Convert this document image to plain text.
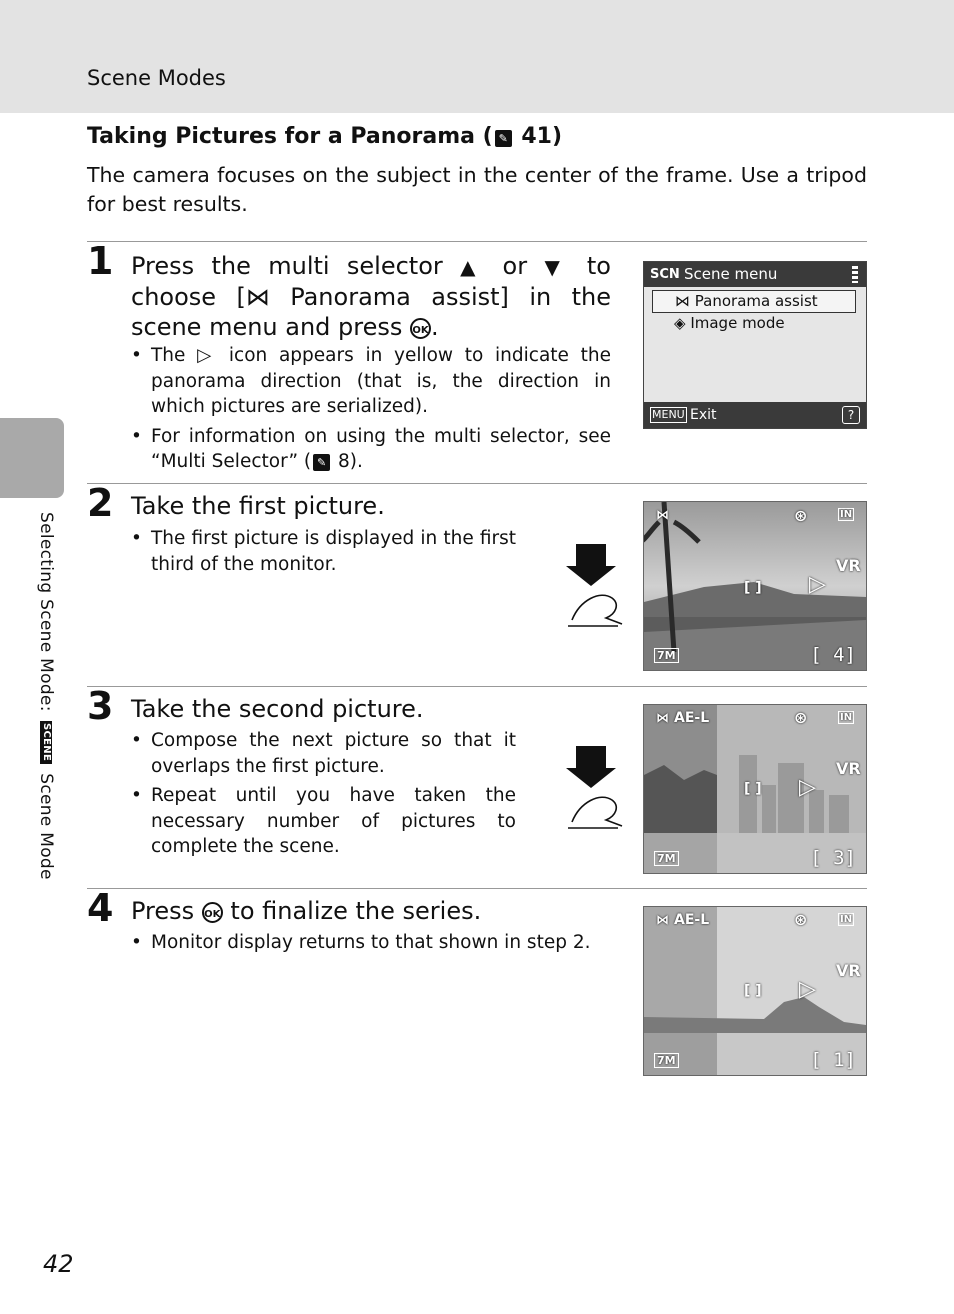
Scene Modes
Selecting Scene Mode: SCENE Scene Mode
Taking Pictures for a Panorama ( ✎ 41)
The camera focuses on the subject in the center of the frame. Use a tripod for best results.
1 Press the multi selector ▲ or ▼ to choose [⋈ Panorama assist] in the scene menu and press OK.
• The ▷ icon appears in yellow to indicate the panorama direction (that is, the direction in which pictures are serialized).
• For information on using the multi selector, see “Multi Selector” ( ✎ 8).
SCN Scene menu
⋈ Panorama assist
◈ Image mode
MENU Exit	?
2 Take the first picture.
• The first picture is displayed in the first third of the monitor.
⋈	⊛	IN
VR
▷
[ ]
7M	[ 4]
3 Take the second picture.
• Compose the next picture so that it overlaps the first picture.
• Repeat until you have taken the necessary number of pictures to complete the scene.
⋈ AE-L	⊛	IN
VR
▷
[ ]
7M	[ 3]
4 Press OK to finalize the series.
• Monitor display returns to that shown in step 2.
⋈ AE-L	⊛	IN
VR
▷
[ ]
7M	[ 1]
42
